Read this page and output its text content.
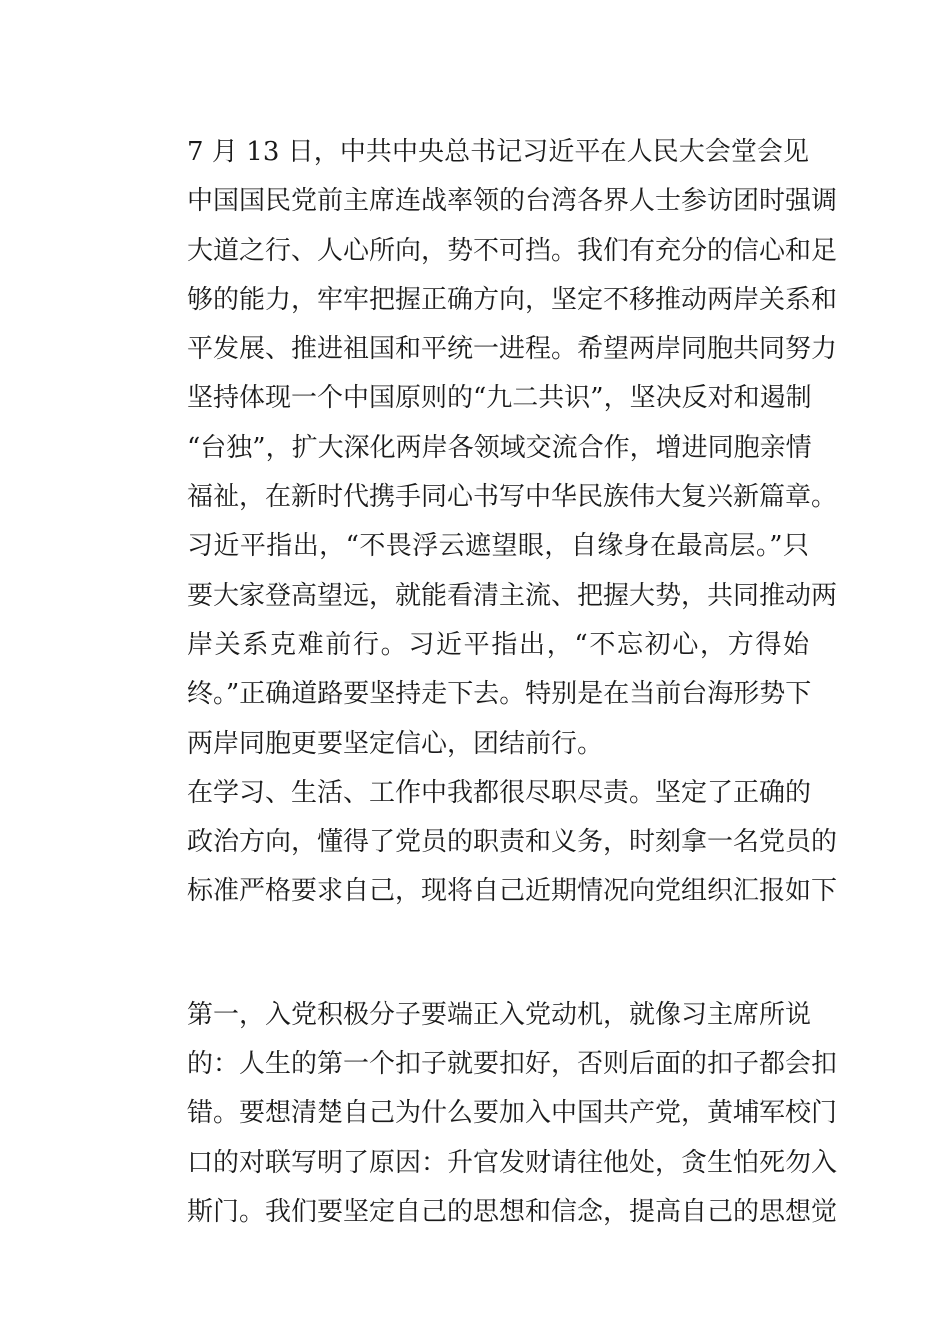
7 月 13 日，中共中央总书记习近平在人民大会堂会见
中国国民党前主席连战率领的台湾各界人士参访团时强调
大道之行、人心所向，势不可挡。我们有充分的信心和足
够的能力，牢牢把握正确方向，坚定不移推动两岸关系和
平发展、推进祖国和平统一进程。希望两岸同胞共同努力
坚持体现一个中国原则的“九二共识”，坚决反对和遏制
“台独”，扩大深化两岸各领域交流合作，增进同胞亲情
福祉，在新时代携手同心书写中华民族伟大复兴新篇章。
习近平指出，“不畏浮云遮望眼，自缘身在最高层。”只
要大家登高望远，就能看清主流、把握大势，共同推动两
岸关系克难前行。习近平指出，“不忘初心，方得始
终。”正确道路要坚持走下去。特别是在当前台海形势下
两岸同胞更要坚定信心，团结前行。
在学习、生活、工作中我都很尽职尽责。坚定了正确的
政治方向，懂得了党员的职责和义务，时刻拿一名党员的
标准严格要求自己，现将自己近期情况向党组织汇报如下
第一，入党积极分子要端正入党动机，就像习主席所说
的：人生的第一个扣子就要扣好，否则后面的扣子都会扣
错。要想清楚自己为什么要加入中国共产党，黄埔军校门
口的对联写明了原因：升官发财请往他处，贪生怕死勿入
斯门。我们要坚定自己的思想和信念，提高自己的思想觉
